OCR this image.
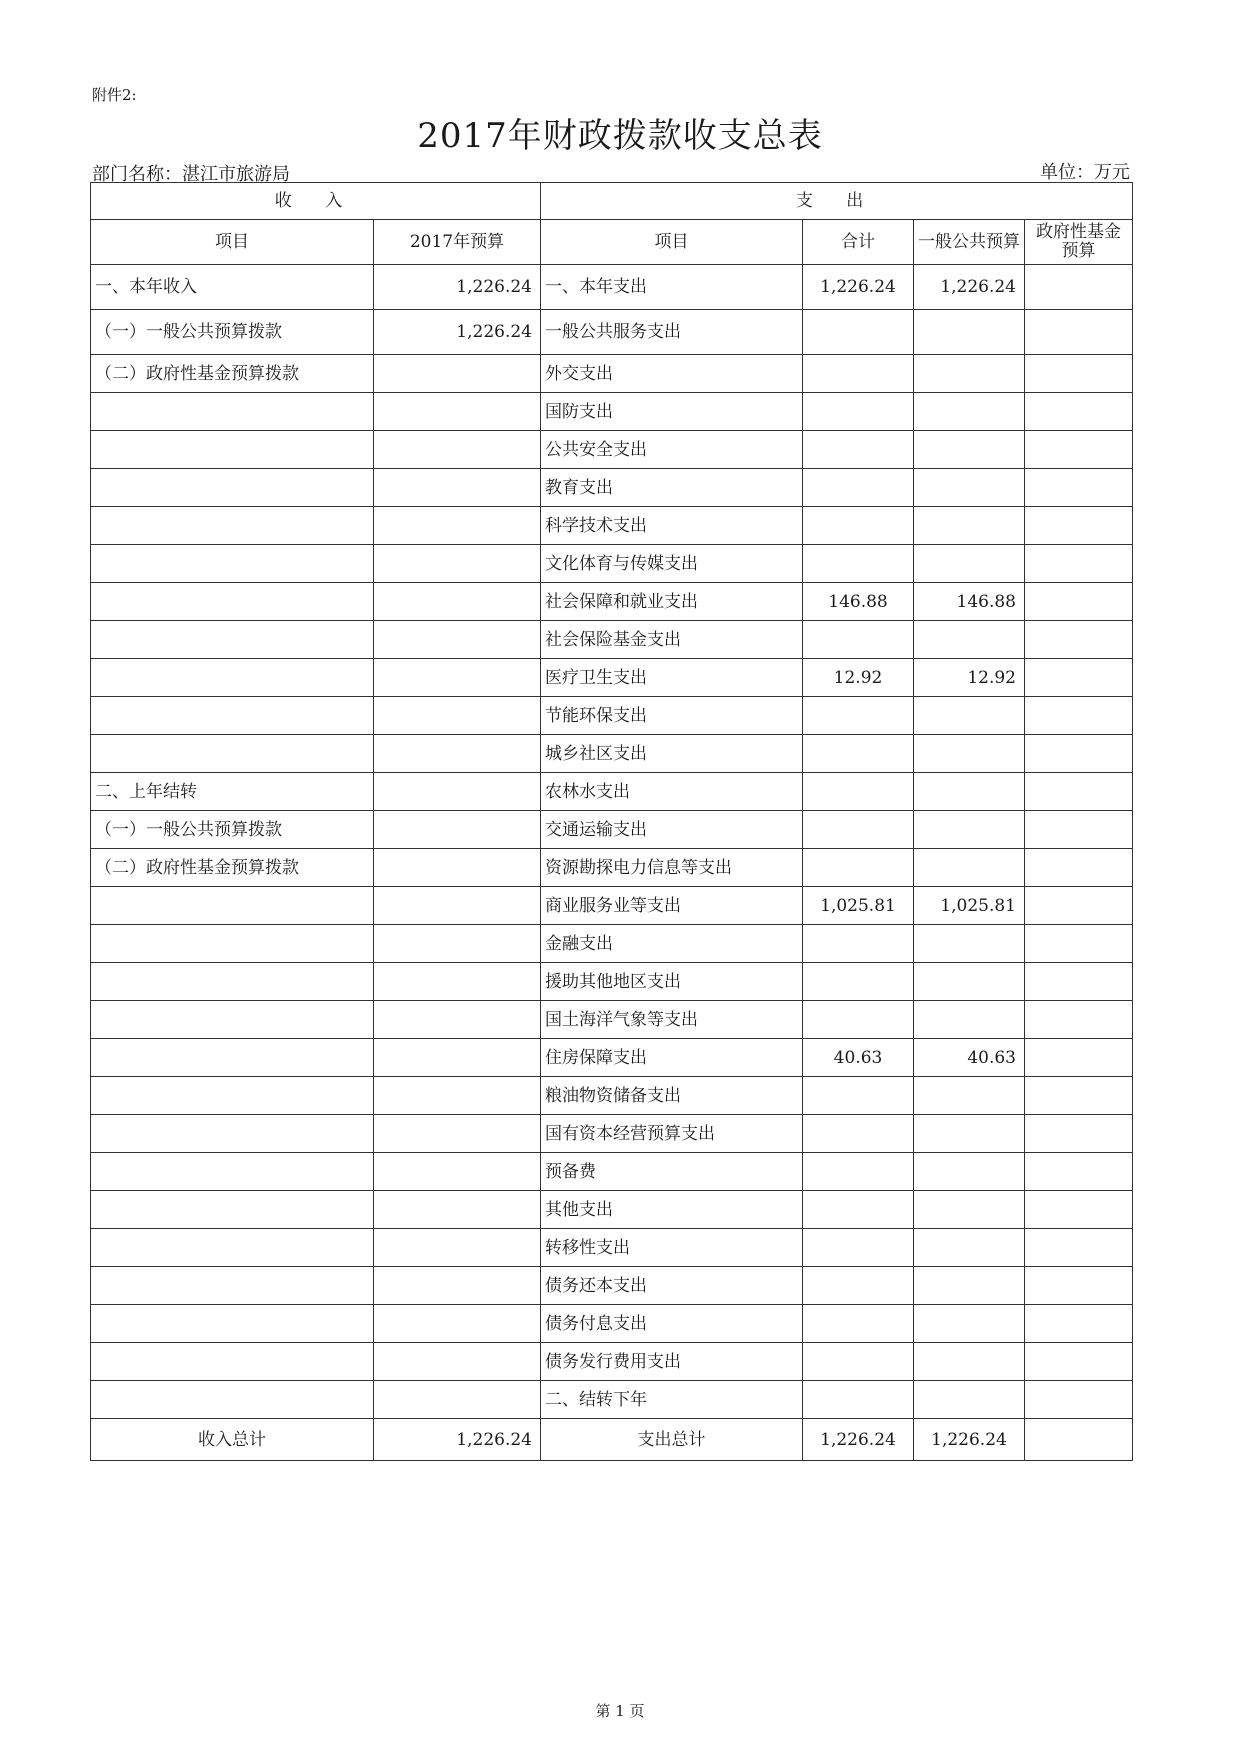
附件2:
2017年财政拨款收支总表
部门名称：湛江市旅游局	单位：万元
收 入		支 出			
项目	2017年预算	项目	合计	一般公共预算	政府性基金预算
一、本年收入	1,226.24	一、本年支出	1,226.24	1,226.24	
（一）一般公共预算拨款	1,226.24	一般公共服务支出			
（二）政府性基金预算拨款		外交支出			
		国防支出			
		公共安全支出			
		教育支出			
		科学技术支出			
		文化体育与传媒支出			
		社会保障和就业支出	146.88	146.88	
		社会保险基金支出			
		医疗卫生支出	12.92	12.92	
		节能环保支出			
		城乡社区支出			
二、上年结转		农林水支出			
（一）一般公共预算拨款		交通运输支出			
（二）政府性基金预算拨款		资源勘探电力信息等支出			
		商业服务业等支出	1,025.81	1,025.81	
		金融支出			
		援助其他地区支出			
		国土海洋气象等支出			
		住房保障支出	40.63	40.63	
		粮油物资储备支出			
		国有资本经营预算支出			
		预备费			
		其他支出			
		转移性支出			
		债务还本支出			
		债务付息支出			
		债务发行费用支出			
		二、结转下年			
收入总计	1,226.24	支出总计	1,226.24	1,226.24	
第 1 页
